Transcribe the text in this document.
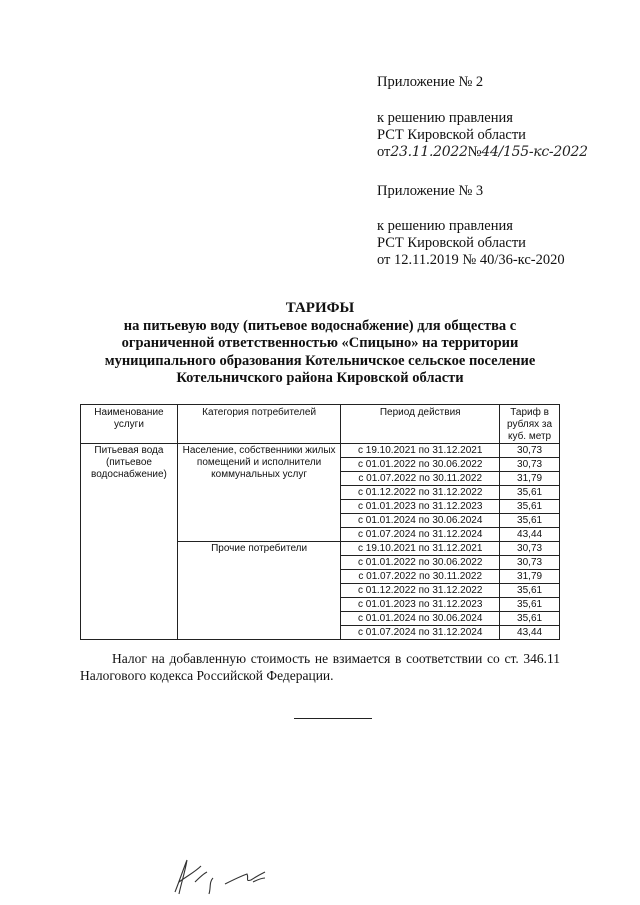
Приложение № 2
к решению правления
РСТ Кировской области
от23.11.2022№44/155-кс-2022
Приложение № 3
к решению правления
РСТ Кировской области
от 12.11.2019 № 40/36-кс-2020
ТАРИФЫ
на питьевую воду (питьевое водоснабжение) для общества с
ограниченной ответственностью «Спицыно» на территории
муниципального образования Котельничское сельское поселение
Котельничского района Кировской области
Наименование услуги	Категория потребителей	Период действия	Тариф в рублях за куб. метр
Питьевая вода (питьевое водоснабжение)	Население, собственники жилых помещений и исполнители коммунальных услуг	с 19.10.2021 по 31.12.2021	30,73
		с 01.01.2022 по 30.06.2022	30,73
		с 01.07.2022 по 30.11.2022	31,79
		с 01.12.2022 по 31.12.2022	35,61
		с 01.01.2023 по 31.12.2023	35,61
		с 01.01.2024 по 30.06.2024	35,61
		с 01.07.2024 по 31.12.2024	43,44
	Прочие потребители	с 19.10.2021 по 31.12.2021	30,73
		с 01.01.2022 по 30.06.2022	30,73
		с 01.07.2022 по 30.11.2022	31,79
		с 01.12.2022 по 31.12.2022	35,61
		с 01.01.2023 по 31.12.2023	35,61
		с 01.01.2024 по 30.06.2024	35,61
		с 01.07.2024 по 31.12.2024	43,44
Налог на добавленную стоимость не взимается в соответствии со ст. 346.11 Налогового кодекса Российской Федерации.
